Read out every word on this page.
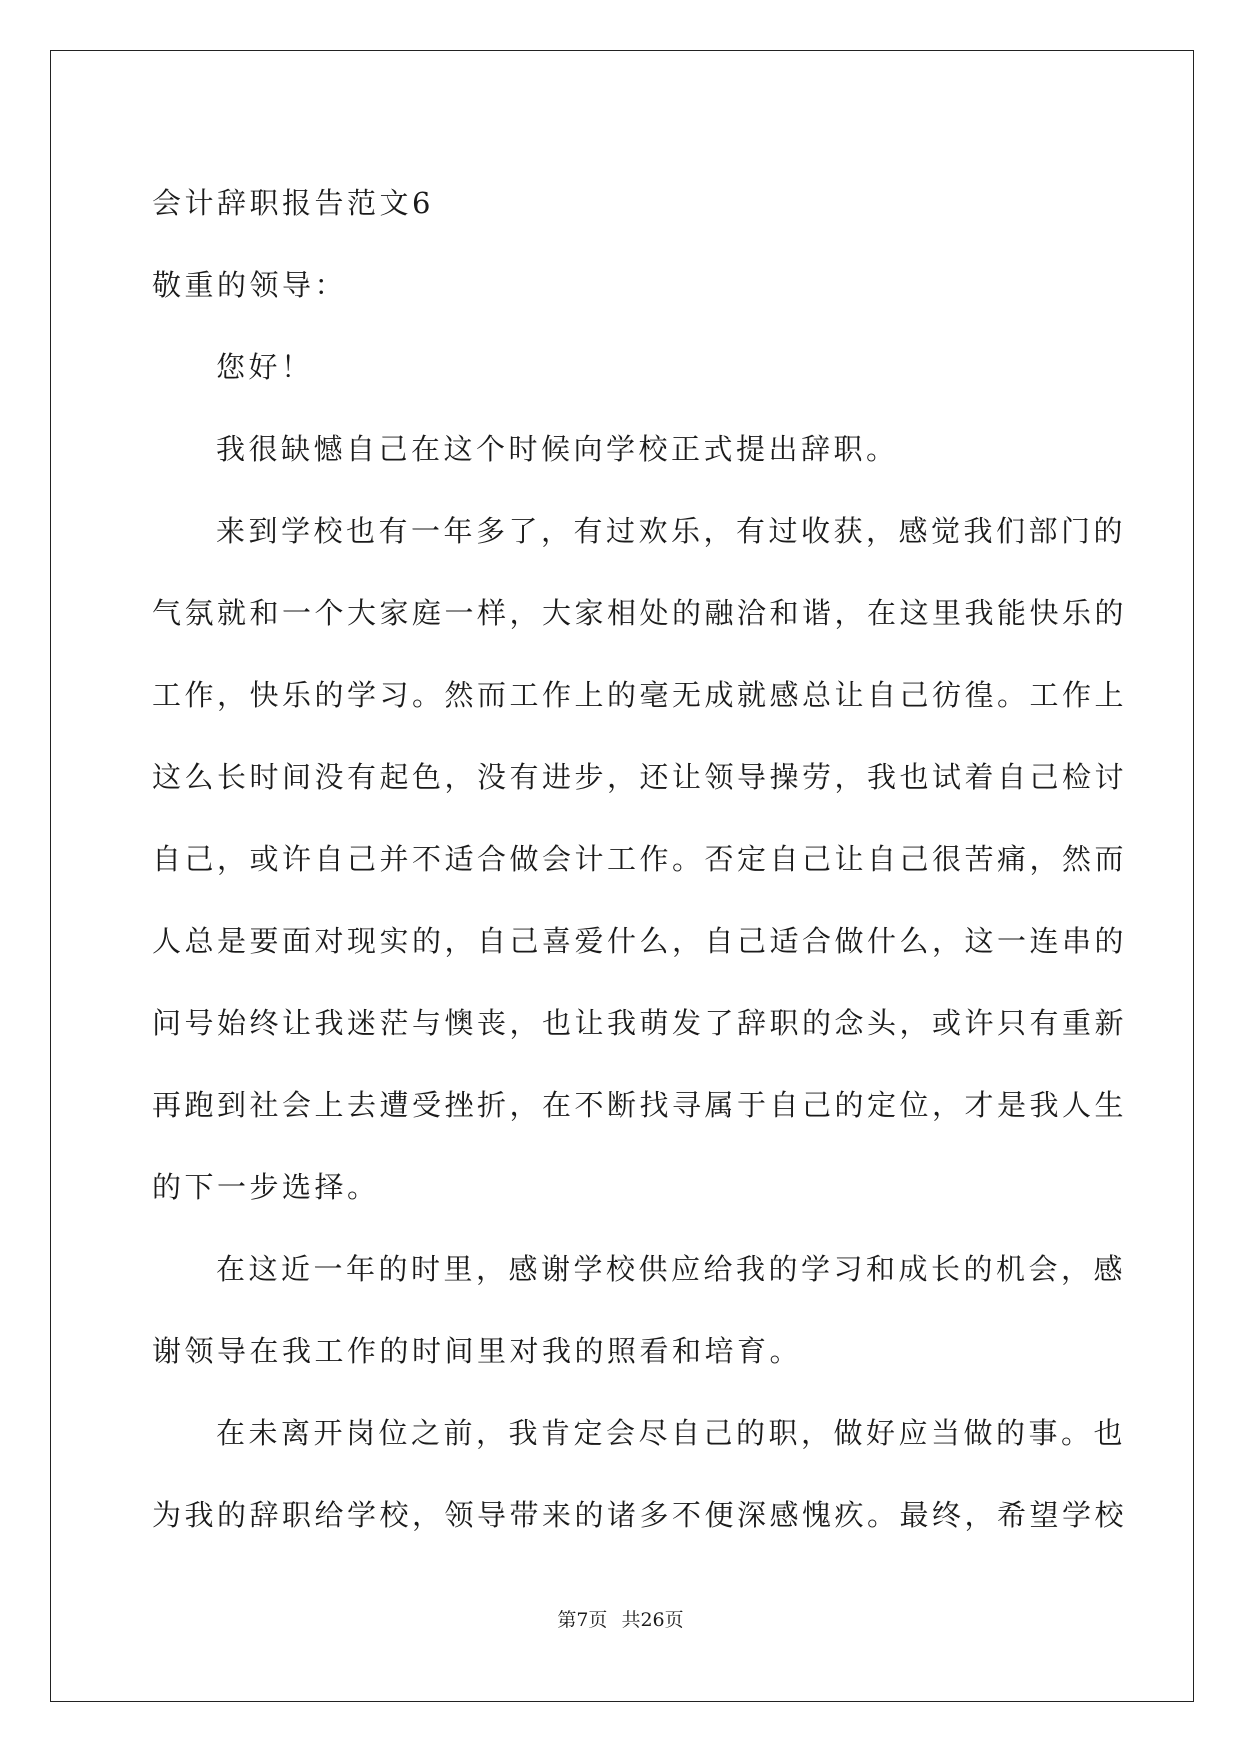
会计辞职报告范文6
敬重的领导：
您好！
我很缺憾自己在这个时候向学校正式提出辞职。
来到学校也有一年多了，有过欢乐，有过收获，感觉我们部门的
气氛就和一个大家庭一样，大家相处的融洽和谐，在这里我能快乐的
工作，快乐的学习。然而工作上的毫无成就感总让自己彷徨。工作上
这么长时间没有起色，没有进步，还让领导操劳，我也试着自己检讨
自己，或许自己并不适合做会计工作。否定自己让自己很苦痛，然而
人总是要面对现实的，自己喜爱什么，自己适合做什么，这一连串的
问号始终让我迷茫与懊丧，也让我萌发了辞职的念头，或许只有重新
再跑到社会上去遭受挫折，在不断找寻属于自己的定位，才是我人生
的下一步选择。
在这近一年的时里，感谢学校供应给我的学习和成长的机会，感
谢领导在我工作的时间里对我的照看和培育。
在未离开岗位之前，我肯定会尽自己的职，做好应当做的事。也
为我的辞职给学校，领导带来的诸多不便深感愧疚。最终，希望学校
第7页 共26页
